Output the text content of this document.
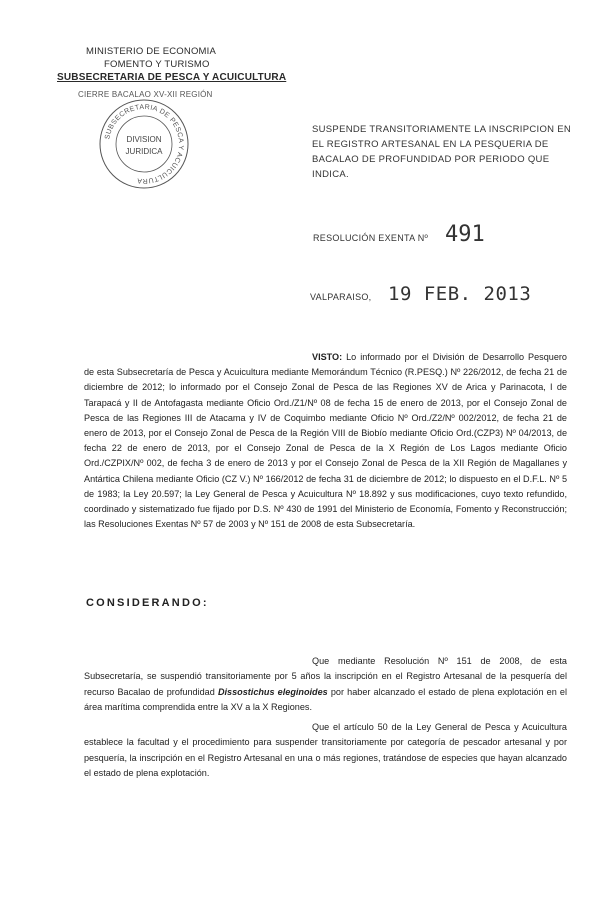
MINISTERIO DE ECONOMIA
FOMENTO Y TURISMO
SUBSECRETARIA DE PESCA Y ACUICULTURA
CIERRE BACALAO XV-XII REGIÓN
SUBSECRETARIA DE PESCA Y ACUICULTURA
DIVISION
JURIDICA
SUSPENDE TRANSITORIAMENTE LA INSCRIPCION EN EL REGISTRO ARTESANAL EN LA PESQUERIA DE BACALAO DE PROFUNDIDAD POR PERIODO QUE INDICA.
RESOLUCIÓN EXENTA Nº 491
VALPARAISO, 19 FEB. 2013
VISTO: Lo informado por el División de Desarrollo Pesquero de esta Subsecretaría de Pesca y Acuicultura mediante Memorándum Técnico (R.PESQ.) Nº 226/2012, de fecha 21 de diciembre de 2012; lo informado por el Consejo Zonal de Pesca de las Regiones XV de Arica y Parinacota, I de Tarapacá y II de Antofagasta mediante Oficio Ord./Z1/Nº 08 de fecha 15 de enero de 2013, por el Consejo Zonal de Pesca de las Regiones III de Atacama y IV de Coquimbo mediante Oficio Nº Ord./Z2/Nº 002/2012, de fecha 21 de enero de 2013, por el Consejo Zonal de Pesca de la Región VIII de Biobío mediante Oficio Ord.(CZP3) Nº 04/2013, de fecha 22 de enero de 2013, por el Consejo Zonal de Pesca de la X Región de Los Lagos mediante Oficio Ord./CZPIX/Nº 002, de fecha 3 de enero de 2013 y por el Consejo Zonal de Pesca de la XII Región de Magallanes y Antártica Chilena mediante Oficio (CZ V.) Nº 166/2012 de fecha 31 de diciembre de 2012; lo dispuesto en el D.F.L. Nº 5 de 1983; la Ley 20.597; la Ley General de Pesca y Acuicultura Nº 18.892 y sus modificaciones, cuyo texto refundido, coordinado y sistematizado fue fijado por D.S. Nº 430 de 1991 del Ministerio de Economía, Fomento y Reconstrucción; las Resoluciones Exentas Nº 57 de 2003 y Nº 151 de 2008 de esta Subsecretaría.
CONSIDERANDO:
Que mediante Resolución Nº 151 de 2008, de esta Subsecretaría, se suspendió transitoriamente por 5 años la inscripción en el Registro Artesanal de la pesquería del recurso Bacalao de profundidad Dissostichus eleginoides por haber alcanzado el estado de plena explotación en el área marítima comprendida entre la XV a la X Regiones.
Que el artículo 50 de la Ley General de Pesca y Acuicultura establece la facultad y el procedimiento para suspender transitoriamente por categoría de pescador artesanal y por pesquería, la inscripción en el Registro Artesanal en una o más regiones, tratándose de especies que hayan alcanzado el estado de plena explotación.
